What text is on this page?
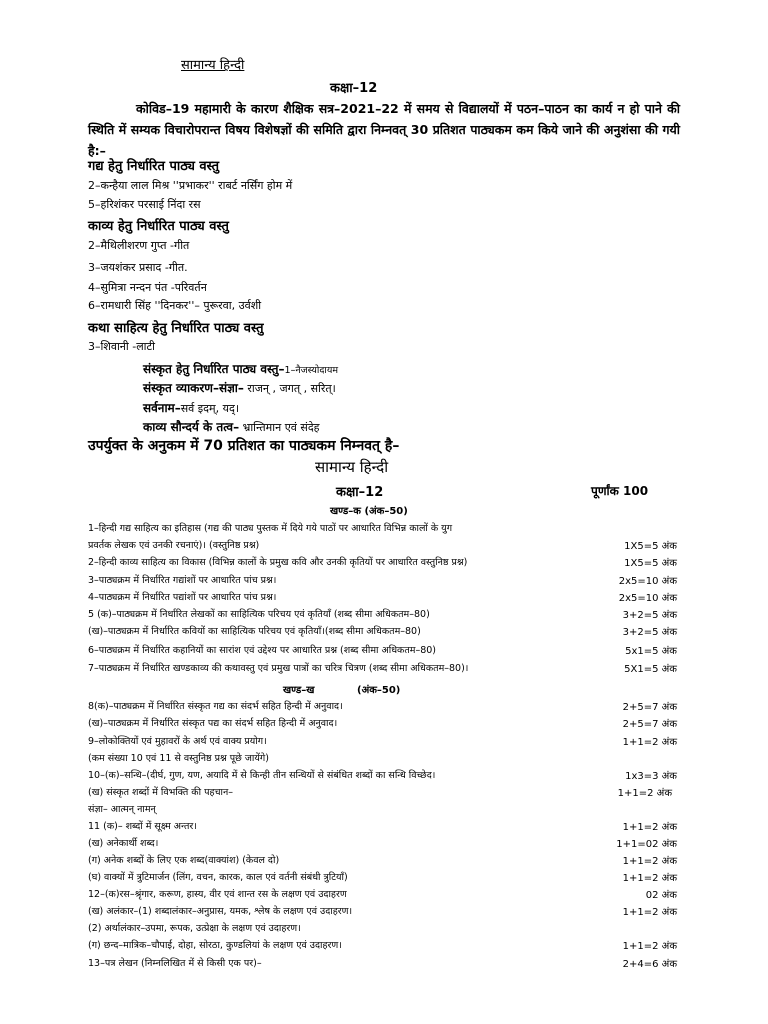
सामान्य हिन्दी
कक्षा–12
कोविड–19 महामारी के कारण शैक्षिक सत्र–2021–22 में समय से विद्यालयों में पठन–पाठन का कार्य न हो पाने की स्थिति में सम्यक विचारोपरान्त विषय विशेषज्ञों की समिति द्वारा निम्नवत् 30 प्रतिशत पाठ्यकम कम किये जाने की अनुशंसा की गयी है:–
गद्य हेतु निर्धारित पाठ्य वस्तु
2–कन्हैया लाल मिश्र ''प्रभाकर'' राबर्ट नर्सिंग होम में
5–हरिशंकर परसाई निंदा रस
काव्य हेतु निर्धारित पाठ्य वस्तु
2–मैथिलीशरण गुप्त -गीत
3–जयशंकर प्रसाद -गीत.
4–सुमित्रा नन्दन पंत -परिवर्तन
6–रामधारी सिंह ''दिनकर''– पुरूरवा, उर्वशी
कथा साहित्य हेतु निर्धारित पाठ्य वस्तु
3–शिवानी -लाटी
संस्कृत हेतु निर्धारित पाठ्य वस्तु–1–नैजस्योदायम
संस्कृत व्याकरण–संज्ञा– राजन् , जगत् , सरित्।
सर्वनाम–सर्व इदम्, यद्।
काव्य सौन्दर्य के तत्व– भ्रान्तिमान एवं संदेह
उपर्युक्त के अनुकम में 70 प्रतिशत का पाठ्यकम निम्नवत् है–
सामान्य हिन्दी
कक्षा–12	पूर्णांक 100
खण्ड–क (अंक–50)
1–हिन्दी गद्य साहित्य का इतिहास (गद्य की पाठ्य पुस्तक में दिये गये पाठों पर आधारित विभिन्न कालों के युग
प्रवर्तक लेखक एवं उनकी रचनाएं)। (वस्तुनिष्ठ प्रश्न)	1X5=5 अंक
2–हिन्दी काव्य साहित्य का विकास (विभिन्न कालों के प्रमुख कवि और उनकी कृतियों पर आधारित वस्तुनिष्ठ प्रश्न)	1X5=5 अंक
3–पाठ्यक्रम में निर्धारित गद्यांशों पर आधारित पांच प्रश्न।	2x5=10 अंक
4–पाठ्यक्रम में निर्धारित पद्यांशों पर आधारित पांच प्रश्न।	2x5=10 अंक
5 (क)–पाठ्यक्रम में निर्धारित लेखकों का साहित्यिक परिचय एवं कृतियाँ (शब्द सीमा अधिकतम–80)	3+2=5 अंक
(ख)–पाठ्यक्रम में निर्धारित कवियों का साहित्यिक परिचय एवं कृतियाँ।(शब्द सीमा अधिकतम–80)	3+2=5 अंक
6–पाठ्यक्रम में निर्धारित कहानियों का सारांश एवं उद्देश्य पर आधारित प्रश्न (शब्द सीमा अधिकतम–80)	5x1=5 अंक
7–पाठ्यक्रम में निर्धारित खण्डकाव्य की कथावस्तु एवं प्रमुख पात्रों का चरित्र चित्रण (शब्द सीमा अधिकतम–80)।	5X1=5 अंक
खण्ड–ख	(अंक–50)
8(क)–पाठ्यक्रम में निर्धारित संस्कृत गद्य का संदर्भ सहित हिन्दी में अनुवाद।	2+5=7 अंक
(ख)–पाठ्यक्रम में निर्धारित संस्कृत पद्य का संदर्भ सहित हिन्दी में अनुवाद।	2+5=7 अंक
9–लोकोक्तियों एवं मुहावरों के अर्थ एवं वाक्य प्रयोग।	1+1=2 अंक
(कम संख्या 10 एवं 11 से वस्तुनिष्ठ प्रश्न पूछे जायेंगे)
10–(क)–सन्धि–(दीर्घ, गुण, यण, अयादि में से किन्ही तीन सन्धियों से संबंधित शब्दों का सन्धि विच्छेद।	1x3=3 अंक
(ख) संस्कृत शब्दों में विभक्ति की पहचान–	1+1=2 अंक
संज्ञा– आत्मन् नामन्
11 (क)– शब्दों में सूक्ष्म अन्तर।	1+1=2 अंक
(ख) अनेकार्थी शब्द।	1+1=02 अंक
(ग) अनेक शब्दों के लिए एक शब्द(वाक्यांश) (केवल दो)	1+1=2 अंक
(घ) वाक्यों में त्रुटिमार्जन (लिंग, वचन, कारक, काल एवं वर्तनी संबंधी त्रुटियाँ)	1+1=2 अंक
12–(क)रस–श्रृंगार, करूण, हास्य, वीर एवं शान्त रस के लक्षण एवं उदाहरण	02 अंक
(ख) अलंकार–(1) शब्दालंकार–अनुप्रास, यमक, श्लेष के लक्षण एवं उदाहरण।	1+1=2 अंक
(2) अर्थालंकार–उपमा, रूपक, उत्प्रेक्षा के लक्षण एवं उदाहरण।
(ग) छन्द–मात्रिक–चौपाई, दोहा, सोरठा, कुण्डलियां के लक्षण एवं उदाहरण।	1+1=2 अंक
13–पत्र लेखन (निम्नलिखित में से किसी एक पर)–	2+4=6 अंक
